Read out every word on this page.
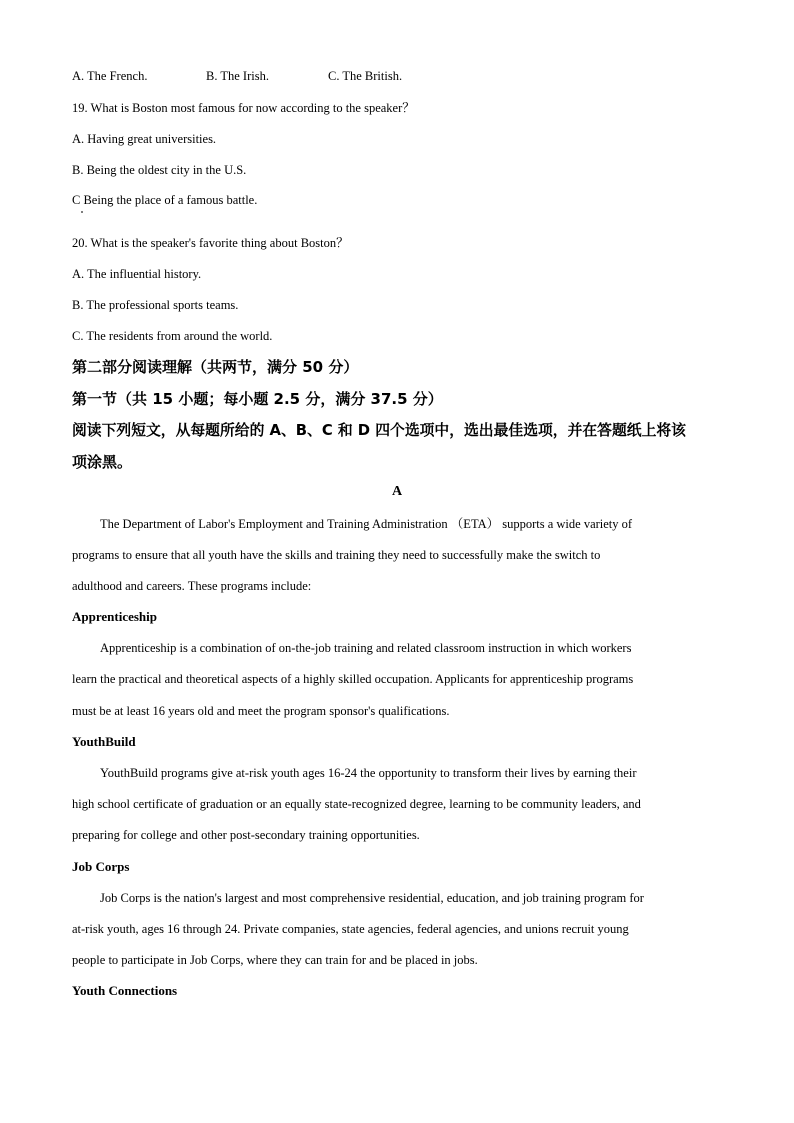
A. The French.	B. The Irish.	C. The British.
19. What is Boston most famous for now according to the speaker？
A. Having great universities.
B. Being the oldest city in the U.S.
C Being the place of a famous battle.
20. What is the speaker's favorite thing about Boston？
A. The influential history.
B. The professional sports teams.
C. The residents from around the world.
第二部分阅读理解（共两节，满分 50 分）
第一节（共 15 小题；每小题 2.5 分，满分 37.5 分）
阅读下列短文，从每题所给的 A、B、C 和 D 四个选项中，选出最佳选项，并在答题纸上将该
项涂黑。
A
The Department of Labor's Employment and Training Administration （ETA） supports a wide variety of
programs to ensure that all youth have the skills and training they need to successfully make the switch to
adulthood and careers. These programs include:
Apprenticeship
Apprenticeship is a combination of on-the-job training and related classroom instruction in which workers
learn the practical and theoretical aspects of a highly skilled occupation. Applicants for apprenticeship programs
must be at least 16 years old and meet the program sponsor's qualifications.
YouthBuild
YouthBuild programs give at-risk youth ages 16-24 the opportunity to transform their lives by earning their
high school certificate of graduation or an equally state-recognized degree, learning to be community leaders, and
preparing for college and other post-secondary training opportunities.
Job Corps
Job Corps is the nation's largest and most comprehensive residential, education, and job training program for
at-risk youth, ages 16 through 24. Private companies, state agencies, federal agencies, and unions recruit young
people to participate in Job Corps, where they can train for and be placed in jobs.
Youth Connections
